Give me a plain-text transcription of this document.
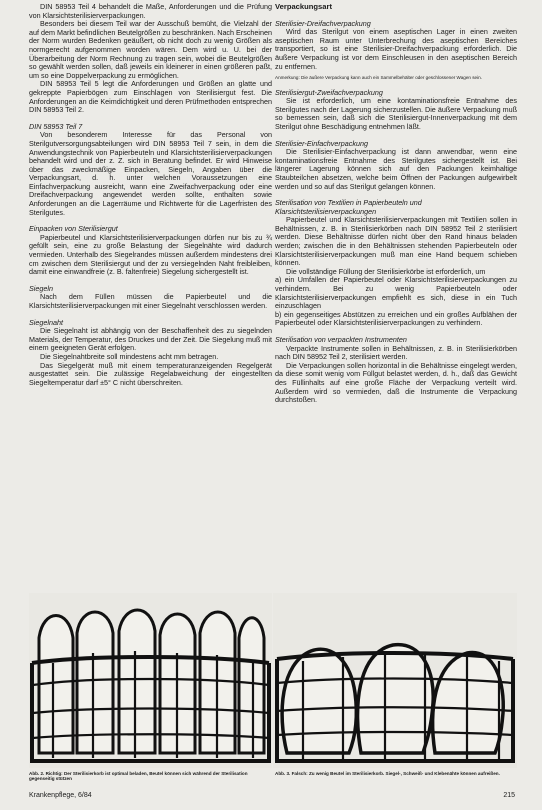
DIN 58953 Teil 4 behandelt die Maße, Anforderungen und die Prüfung von Klarsichtsterilisierverpackungen.

Besonders bei diesem Teil war der Ausschuß bemüht, die Vielzahl der auf dem Markt befindlichen Beutelgrößen zu beschränken. Nach Erscheinen der Norm wurden Bedenken geäußert, ob nicht doch zu wenig Größen als normgerecht aufgenommen worden wären. Dem wird u. U. bei der Überarbeitung der Norm Rechnung zu tragen sein, wobei die Beutelgrößen so gewählt werden sollen, daß jeweils ein kleinerer in einen größeren paßt, um so eine Doppelverpackung zu ermöglichen.

DIN 58953 Teil 5 legt die Anforderungen und Größen an glatte und gekreppte Papierbögen zum Einschlagen von Sterilisiergut fest. Die Anforderungen an die Keimdichtigkeit und deren Prüfmethoden entsprechen DIN 58953 Teil 2.

DIN 58953 Teil 7

Von besonderem Interesse für das Personal von Sterilgutversorgungsabteilungen wird DIN 58953 Teil 7 sein, in dem die Anwendungstechnik von Papierbeuteln und Klarsichtsterilisierverpackungen behandelt wird und der z. Z. sich in Beratung befindet. Er wird Hinweise über das zweckmäßige Einpacken, Siegeln, Angaben über die Verpackungsart, d. h. unter welchen Voraussetzungen eine Einfachverpackung ausreicht, wann eine Zweifachverpackung oder eine Dreifachverpackung angewendet werden sollte, enthalten sowie Anforderungen an die Lagerräume und Richtwerte für die Lagerfristen des Sterilgutes.

Einpacken von Sterilisiergut

Papierbeutel und Klarsichtsterilisierverpackungen dürfen nur bis zu ¾ gefüllt sein, eine zu große Belastung der Siegelnähte wird dadurch vermieden. Unterhalb des Siegelrandes müssen außerdem mindestens drei cm zwischen dem Sterilisiergut und der zu versiegelnden Naht freibleiben, damit eine einwandfreie (z. B. faltenfreie) Siegelung sichergestellt ist.

Siegeln

Nach dem Füllen müssen die Papierbeutel und die Klarsichtsterilisierverpackungen mit einer Siegelnaht verschlossen werden.

Siegelnaht

Die Siegelnaht ist abhängig von der Beschaffenheit des zu siegelnden Materials, der Temperatur, des Druckes und der Zeit. Die Siegelung muß mit einem geeigneten Gerät erfolgen.

Die Siegelnahtbreite soll mindestens acht mm betragen.

Das Siegelgerät muß mit einem temperaturanzeigenden Regelgerät ausgestattet sein. Die zulässige Regelabweichung der eingestellten Siegeltemperatur darf ±5° C nicht überschreiten.

Verpackungsart

Sterilisier-Dreifachverpackung

Wird das Sterilgut von einem aseptischen Lager in einen zweiten aseptischen Raum unter Unterbrechung des aseptischen Bereiches transportiert, so ist eine Sterilisier-Dreifachverpackung erforderlich. Die äußere Verpackung ist vor dem Einschleusen in den aseptischen Bereich zu entfernen.

Anmerkung: Die äußere Verpackung kann auch ein Sammelbehälter oder geschlossener Wagen sein.

Sterilisiergut-Zweifachverpackung

Sie ist erforderlich, um eine kontaminationsfreie Entnahme des Sterilgutes nach der Lagerung sicherzustellen. Die äußere Verpackung muß so bemessen sein, daß sich die Sterilisiergut-Innenverpackung mit dem Sterilgut ohne Beschädigung entnehmen läßt.

Sterilisier-Einfachverpackung

Die Sterilisier-Einfachverpackung ist dann anwendbar, wenn eine kontaminationsfreie Entnahme des Sterilgutes sichergestellt ist. Bei längerer Lagerung können sich auf den Packungen keimhaltige Staubteilchen absetzen, welche beim Öffnen der Packungen aufgewirbelt werden und so auf das Sterilgut gelangen können.

Sterilisation von Textilien in Papierbeuteln und Klarsichtsterilisierverpackungen

Papierbeutel und Klarsichtsterilisierverpackungen mit Textilien sollen in Behältnissen, z. B. in Sterilisierkörben nach DIN 58952 Teil 2 sterilisiert werden. Diese Behältnisse dürfen nicht über den Rand hinaus beladen werden; zwischen die in den Behältnissen stehenden Papierbeuteln oder Klarsichtsterilisierverpackungen muß man eine Hand bequem schieben können.

Die vollständige Füllung der Sterilisierkörbe ist erforderlich, um

a) ein Umfallen der Papierbeutel oder Klarsichtsterilisierverpackungen zu verhindern. Bei zu wenig Papierbeuteln oder Klarsichtsterilisierverpackungen empfiehlt es sich, diese in ein Tuch einzuschlagen

b) ein gegenseitiges Abstützen zu erreichen und ein großes Aufblähen der Papierbeutel oder Klarsichtsterilisierverpackungen zu verhindern.

Sterilisation von verpackten Instrumenten

Verpackte Instrumente sollen in Behältnissen, z. B. in Sterilisierkörben nach DIN 58952 Teil 2, sterilisiert werden.

Die Verpackungen sollen horizontal in die Behältnisse eingelegt werden, da diese somit wenig vom Füllgut belastet werden, d. h., daß das Gewicht des Füllinhalts auf eine große Fläche der Verpackung verteilt wird. Außerdem wird so vermieden, daß die Instrumente die Verpackung durchstoßen.

Abb. 2. Richtig: Der Sterilisierkorb ist optimal beladen, Beutel können sich während der Sterilisation gegenseitig stützen
Abb. 3. Falsch: Zu wenig Beutel im Sterilisierkorb. Siegel-, Schweiß- und Klebenähte können aufreißen.
Krankenpflege, 6/84	215
